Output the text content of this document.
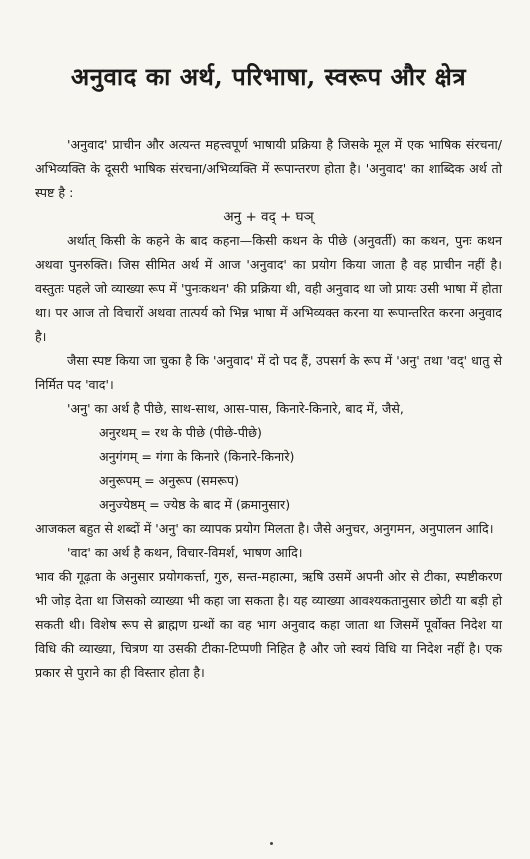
अनुवाद का अर्थ, परिभाषा, स्वरूप और क्षेत्र

'अनुवाद' प्राचीन और अत्यन्त महत्त्वपूर्ण भाषायी प्रक्रिया है जिसके मूल में एक भाषिक संरचना/अभिव्यक्ति के दूसरी भाषिक संरचना/अभिव्यक्ति में रूपान्तरण होता है। 'अनुवाद' का शाब्दिक अर्थ तो स्पष्ट है :

अनु + वद् + घञ्

अर्थात् किसी के कहने के बाद कहना—किसी कथन के पीछे (अनुवर्ती) का कथन, पुनः कथन अथवा पुनरुक्ति। जिस सीमित अर्थ में आज 'अनुवाद' का प्रयोग किया जाता है वह प्राचीन नहीं है। वस्तुतः पहले जो व्याख्या रूप में 'पुनःकथन' की प्रक्रिया थी, वही अनुवाद था जो प्रायः उसी भाषा में होता था। पर आज तो विचारों अथवा तात्पर्य को भिन्न भाषा में अभिव्यक्त करना या रूपान्तरित करना अनुवाद है।

जैसा स्पष्ट किया जा चुका है कि 'अनुवाद' में दो पद हैं, उपसर्ग के रूप में 'अनु' तथा 'वद्' धातु से निर्मित पद 'वाद'।

'अनु' का अर्थ है पीछे, साथ-साथ, आस-पास, किनारे-किनारे, बाद में, जैसे,

अनुरथम् = रथ के पीछे (पीछे-पीछे)

अनुगंगम् = गंगा के किनारे (किनारे-किनारे)

अनुरूपम् = अनुरूप (समरूप)

अनुज्येष्ठम् = ज्येष्ठ के बाद में (क्रमानुसार)

आजकल बहुत से शब्दों में 'अनु' का व्यापक प्रयोग मिलता है। जैसे अनुचर, अनुगमन, अनुपालन आदि।

'वाद' का अर्थ है कथन, विचार-विमर्श, भाषण आदि।

भाव की गूढ़ता के अनुसार प्रयोगकर्त्ता, गुरु, सन्त-महात्मा, ऋषि उसमें अपनी ओर से टीका, स्पष्टीकरण भी जोड़ देता था जिसको व्याख्या भी कहा जा सकता है। यह व्याख्या आवश्यकतानुसार छोटी या बड़ी हो सकती थी। विशेष रूप से ब्राह्मण ग्रन्थों का वह भाग अनुवाद कहा जाता था जिसमें पूर्वोक्त निदेश या विधि की व्याख्या, चित्रण या उसकी टीका-टिप्पणी निहित है और जो स्वयं विधि या निदेश नहीं है। एक प्रकार से पुराने का ही विस्तार होता है।
